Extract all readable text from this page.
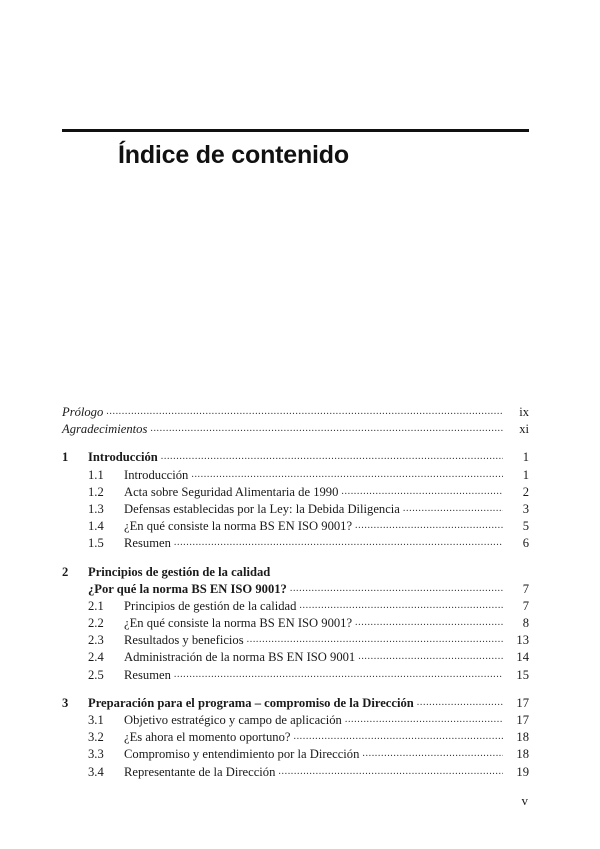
Índice de contenido
Prólogo .....	ix
Agradecimientos .....	xi
1	Introducción .....	1
1.1	Introducción .....	1
1.2	Acta sobre Seguridad Alimentaria de 1990 .....	2
1.3	Defensas establecidas por la Ley: la Debida Diligencia .....	3
1.4	¿En qué consiste la norma BS EN ISO 9001? .....	5
1.5	Resumen .....	6
2	Principios de gestión de la calidad
¿Por qué la norma BS EN ISO 9001? .....	7
2.1	Principios de gestión de la calidad .....	7
2.2	¿En qué consiste la norma BS EN ISO 9001? .....	8
2.3	Resultados y beneficios .....	13
2.4	Administración de la norma BS EN ISO 9001 .....	14
2.5	Resumen .....	15
3	Preparación para el programa – compromiso de la Dirección .....	17
3.1	Objetivo estratégico y campo de aplicación .....	17
3.2	¿Es ahora el momento oportuno? .....	18
3.3	Compromiso y entendimiento por la Dirección .....	18
3.4	Representante de la Dirección .....	19
v
